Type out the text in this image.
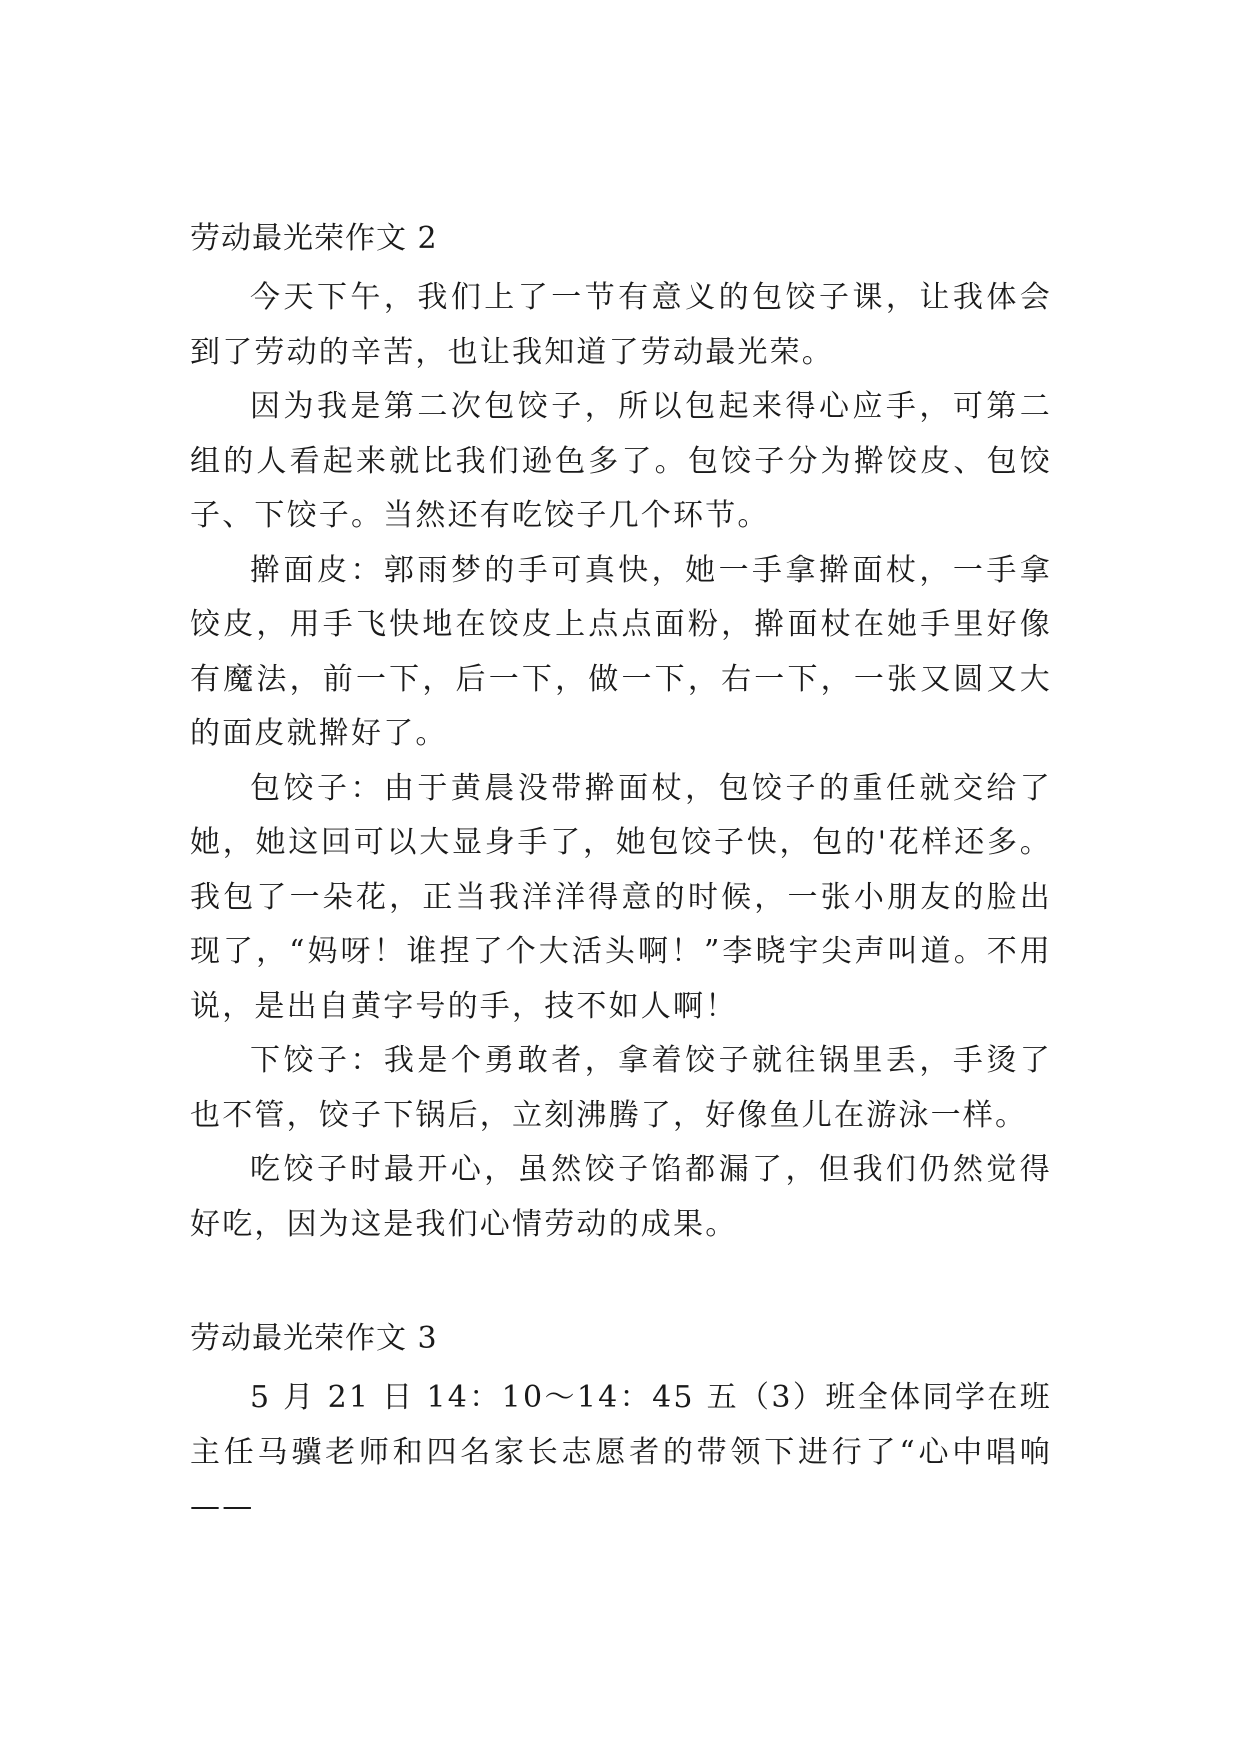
劳动最光荣作文 2

今天下午，我们上了一节有意义的包饺子课，让我体会到了劳动的辛苦，也让我知道了劳动最光荣。

因为我是第二次包饺子，所以包起来得心应手，可第二组的人看起来就比我们逊色多了。包饺子分为擀饺皮、包饺子、下饺子。当然还有吃饺子几个环节。

擀面皮：郭雨梦的手可真快，她一手拿擀面杖，一手拿饺皮，用手飞快地在饺皮上点点面粉，擀面杖在她手里好像有魔法，前一下，后一下，做一下，右一下，一张又圆又大的面皮就擀好了。

包饺子：由于黄晨没带擀面杖，包饺子的重任就交给了她，她这回可以大显身手了，她包饺子快，包的'花样还多。我包了一朵花，正当我洋洋得意的时候，一张小朋友的脸出现了，“妈呀！谁捏了个大活头啊！”李晓宇尖声叫道。不用说，是出自黄字号的手，技不如人啊！

下饺子：我是个勇敢者，拿着饺子就往锅里丢，手烫了也不管，饺子下锅后，立刻沸腾了，好像鱼儿在游泳一样。

吃饺子时最开心，虽然饺子馅都漏了，但我们仍然觉得好吃，因为这是我们心情劳动的成果。

劳动最光荣作文 3

5 月 21 日 14：10～14：45 五（3）班全体同学在班主任马骥老师和四名家长志愿者的带领下进行了“心中唱响——
